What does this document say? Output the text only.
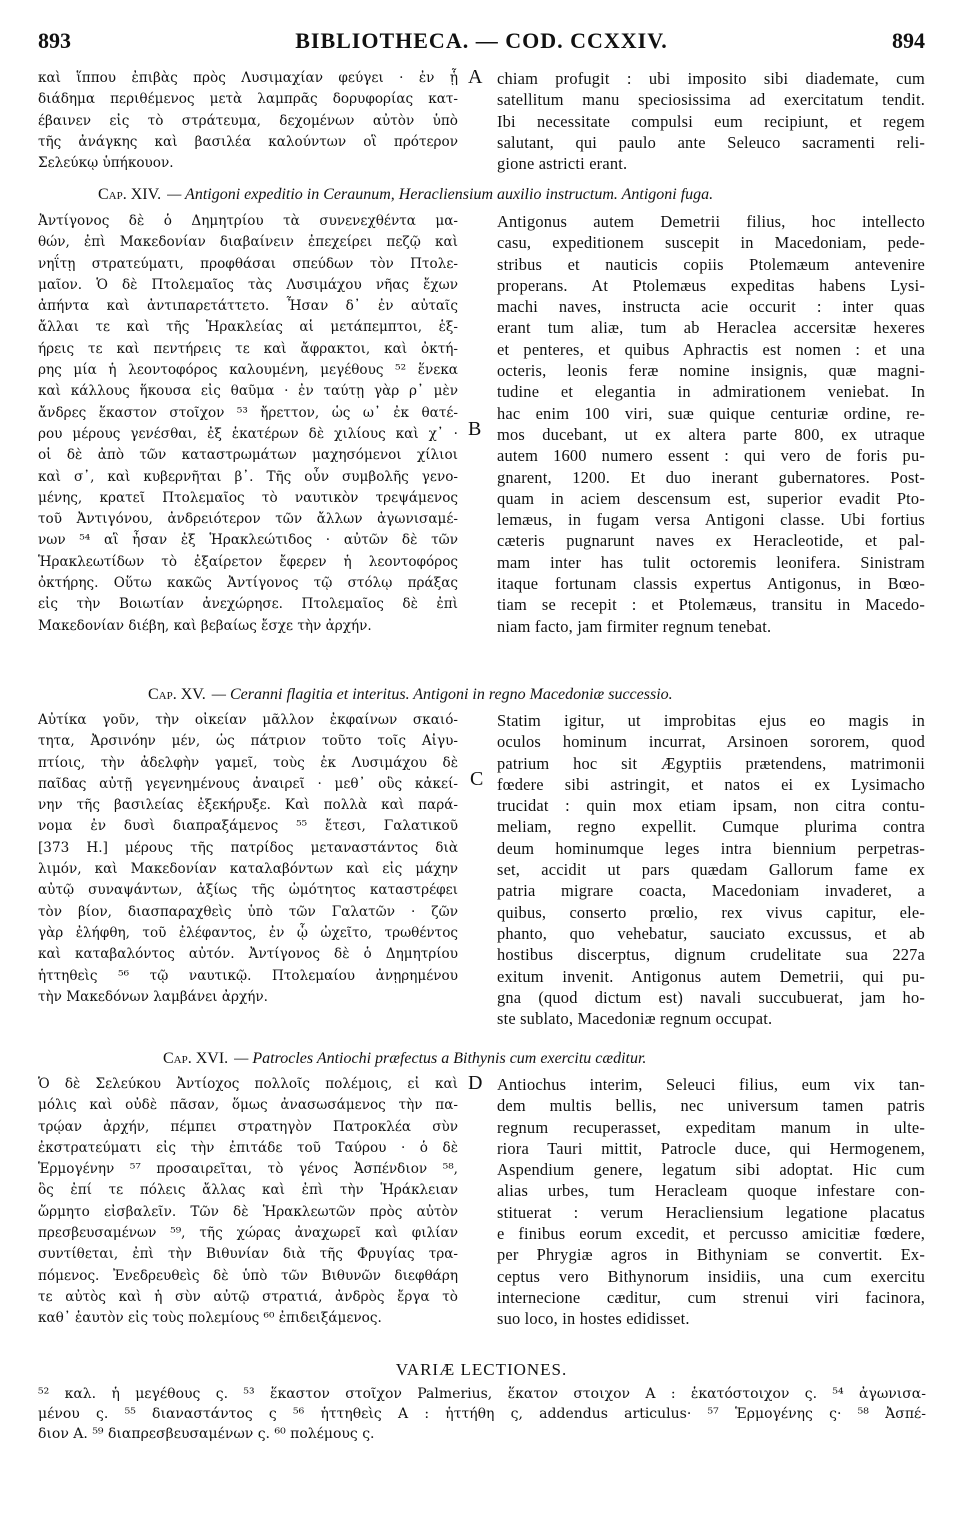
893	BIBLIOTHECA. — COD. CCXXIV.	894
καὶ ἵππου ἐπιβὰς πρὸς Λυσιμαχίαν φεύγει · ἐν ᾗ
διάδημα περιθέμενος μετὰ λαμπρᾶς δορυφορίας κατ-
έβαινεν εἰς τὸ στράτευμα, δεχομένων αὐτὸν ὑπὸ
τῆς ἀνάγκης καὶ βασιλέα καλούντων οἳ πρότερον
Σελεύκῳ ὑπήκουον.
A chiam profugit : ubi imposito sibi diademate, cum
satellitum manu speciosissima ad exercitatum tendit.
Ibi necessitate compulsi eum recipiunt, et regem
salutant, qui paulo ante Seleuco sacramenti reli-
gione astricti erant.
Cap. XIV. — Antigoni expeditio in Ceraunum, Heracliensium auxilio instructum. Antigoni fuga.
Ἀντίγονος δὲ ὁ Δημητρίου τὰ συνενεχθέντα μα-
θών, ἐπὶ Μακεδονίαν διαβαίνειν ἐπεχείρει πεζῷ καὶ
νηΐτῃ στρατεύματι, προφθάσαι σπεύδων τὸν Πτολε-
μαῖον. Ὁ δὲ Πτολεμαῖος τὰς Λυσιμάχου νῆας ἔχων
ἀπήντα καὶ ἀντιπαρετάττετο. Ἦσαν δ᾽ ἐν αὐταῖς
ἄλλαι τε καὶ τῆς Ἡρακλείας αἱ μετάπεμπτοι, ἑξ-
ήρεις τε καὶ πεντήρεις τε καὶ ἄφρακτοι, καὶ ὀκτή-
ρης μία ἡ λεοντοφόρος καλουμένη, μεγέθους ⁵² ἕνεκα
καὶ κάλλους ἥκουσα εἰς θαῦμα · ἐν ταύτῃ γὰρ ρ᾽ μὲν
ἄνδρες ἕκαστον στοῖχον ⁵³ ἤρεττον, ὡς ω᾽ ἐκ θατέ-
ρου μέρους γενέσθαι, ἐξ ἑκατέρων δὲ χιλίους καὶ χ᾽ ·
οἱ δὲ ἀπὸ τῶν καταστρωμάτων μαχησόμενοι χίλιοι
καὶ σ᾽, καὶ κυβερνῆται β᾽. Τῆς οὖν συμβολῆς γενο-
μένης, κρατεῖ Πτολεμαῖος τὸ ναυτικὸν τρεψάμενος
τοῦ Ἀντιγόνου, ἀνδρειότερον τῶν ἄλλων ἀγωνισαμέ-
νων ⁵⁴ αἳ ἦσαν ἐξ Ἡρακλεώτιδος · αὐτῶν δὲ τῶν
Ἡρακλεωτίδων τὸ ἐξαίρετον ἔφερεν ἡ λεοντοφόρος
ὀκτήρης. Οὕτω κακῶς Ἀντίγονος τῷ στόλῳ πράξας
εἰς τὴν Βοιωτίαν ἀνεχώρησε. Πτολεμαῖος δὲ ἐπὶ
Μακεδονίαν διέβη, καὶ βεβαίως ἔσχε τὴν ἀρχήν.
B
Antigonus autem Demetrii filius, hoc intellecto
casu, expeditionem suscepit in Macedoniam, pede-
stribus et nauticis copiis Ptolemæum antevenire
properans. At Ptolemæus expeditas habens Lysi-
machi naves, instructa acie occurit : inter quas
erant tum aliæ, tum ab Heraclea accersitæ hexeres
et penteres, et quibus Aphractis est nomen : et una
octeris, leonis feræ nomine insignis, quæ magni-
tudine et elegantia in admirationem veniebat. In
hac enim 100 viri, suæ quique centuriæ ordine, re-
mos ducebant, ut ex altera parte 800, ex utraque
autem 1600 numero essent : qui vero de foris pu-
gnarent, 1200. Et duo inerant gubernatores. Post-
quam in aciem descensum est, superior evadit Pto-
lemæus, in fugam versa Antigoni classe. Ubi fortius
cæteris pugnarunt naves ex Heracleotide, et pal-
mam inter has tulit octoremis leonifera. Sinistram
itaque fortunam classis expertus Antigonus, in Bœo-
tiam se recepit : et Ptolemæus, transitu in Macedo-
niam facto, jam firmiter regnum tenebat.
Cap. XV. — Ceranni flagitia et interitus. Antigoni in regno Macedoniæ successio.
Αὐτίκα γοῦν, τὴν οἰκείαν μᾶλλον ἐκφαίνων σκαιό-
τητα, Ἀρσινόην μέν, ὡς πάτριον τοῦτο τοῖς Αἰγυ-
πτίοις, τὴν ἀδελφὴν γαμεῖ, τοὺς ἐκ Λυσιμάχου δὲ
παῖδας αὐτῇ γεγενημένους ἀναιρεῖ · μεθ᾽ οὓς κἀκεί-
νην τῆς βασιλείας ἐξεκήρυξε. Καὶ πολλὰ καὶ παρά-
νομα ἐν δυσὶ διαπραξάμενος ⁵⁵ ἔτεσι, Γαλατικοῦ
[373 H.] μέρους τῆς πατρίδος μεταναστάντος διὰ
λιμόν, καὶ Μακεδονίαν καταλαβόντων καὶ εἰς μάχην
αὐτῷ συναψάντων, ἀξίως τῆς ὠμότητος καταστρέφει
τὸν βίον, διασπαραχθεὶς ὑπὸ τῶν Γαλατῶν · ζῶν
γὰρ ἐλήφθη, τοῦ ἐλέφαντος, ἐν ᾧ ὠχεῖτο, τρωθέντος
καὶ καταβαλόντος αὐτόν. Ἀντίγονος δὲ ὁ Δημητρίου
ἡττηθεὶς ⁵⁶ τῷ ναυτικῷ. Πτολεμαίου ἀνῃρημένου
τὴν Μακεδόνων λαμβάνει ἀρχήν.
C
Statim igitur, ut improbitas ejus eo magis in
oculos hominum incurrat, Arsinoen sororem, quod
patrium hoc sit Ægyptiis prætendens, matrimonii
fœdere sibi astringit, et natos ei ex Lysimacho
trucidat : quin mox etiam ipsam, non citra contu-
meliam, regno expellit. Cumque plurima contra
deum hominumque leges intra biennium perpetras-
set, accidit ut pars quædam Gallorum fame ex
patria migrare coacta, Macedoniam invaderet, a
quibus, conserto prœlio, rex vivus capitur, ele-
phanto, quo vehebatur, sauciato excussus, et ab
hostibus discerptus, dignum crudelitate sua 227a
exitum invenit. Antigonus autem Demetrii, qui pu-
gna (quod dictum est) navali succubuerat, jam ho-
ste sublato, Macedoniæ regnum occupat.
Cap. XVI. — Patrocles Antiochi præfectus a Bithynis cum exercitu cæditur.
Ὁ δὲ Σελεύκου Ἀντίοχος πολλοῖς πολέμοις, εἰ καὶ
μόλις καὶ οὐδὲ πᾶσαν, ὅμως ἀνασωσάμενος τὴν πα-
τρῴαν ἀρχήν, πέμπει στρατηγὸν Πατροκλέα σὺν
ἐκστρατεύματι εἰς τὴν ἐπιτάδε τοῦ Ταύρου · ὁ δὲ
Ἑρμογένην ⁵⁷ προσαιρεῖται, τὸ γένος Ἀσπένδιον ⁵⁸,
ὃς ἐπί τε πόλεις ἄλλας καὶ ἐπὶ τὴν Ἡράκλειαν
ὥρμητο εἰσβαλεῖν. Τῶν δὲ Ἡρακλεωτῶν πρὸς αὐτὸν
πρεσβευσαμένων ⁵⁹, τῆς χώρας ἀναχωρεῖ καὶ φιλίαν
συντίθεται, ἐπὶ τὴν Βιθυνίαν διὰ τῆς Φρυγίας τρα-
πόμενος. Ἐνεδρευθεὶς δὲ ὑπὸ τῶν Βιθυνῶν διεφθάρη
τε αὐτὸς καὶ ἡ σὺν αὐτῷ στρατιά, ἀνδρὸς ἔργα τὸ
καθ᾽ ἑαυτὸν εἰς τοὺς πολεμίους ⁶⁰ ἐπιδειξάμενος.
D Antiochus interim, Seleuci filius, eum vix tan-
dem multis bellis, nec universum tamen patris
regnum recuperasset, expeditam manum in ulte-
riora Tauri mittit, Patrocle duce, qui Hermogenem,
Aspendium genere, legatum sibi adoptat. Hic cum
alias urbes, tum Heracleam quoque infestare con-
stituerat : verum Heracliensium legatione placatus
e finibus eorum excedit, et percusso amicitiæ fœdere,
per Phrygiæ agros in Bithyniam se convertit. Ex-
ceptus vero Bithynorum insidiis, una cum exercitu
internecione cæditur, cum strenui viri facinora,
suo loco, in hostes edidisset.
VARIÆ LECTIONES.
⁵² καλ. ἡ μεγέθους ς. ⁵³ ἕκαστον στοῖχον Palmerius, ἕκατον στοιχον A : ἑκατόστοιχον ς. ⁵⁴ ἀγωνισα-
μένου ς. ⁵⁵ διαναστάντος ς ⁵⁶ ἡττηθεὶς A : ἡττήθη ς, addendus articulus· ⁵⁷ Ἑρμογένης ς· ⁵⁸ Ἀσπέ-
διον A. ⁵⁹ διαπρεσβευσαμένων ς. ⁶⁰ πολέμους ς.
